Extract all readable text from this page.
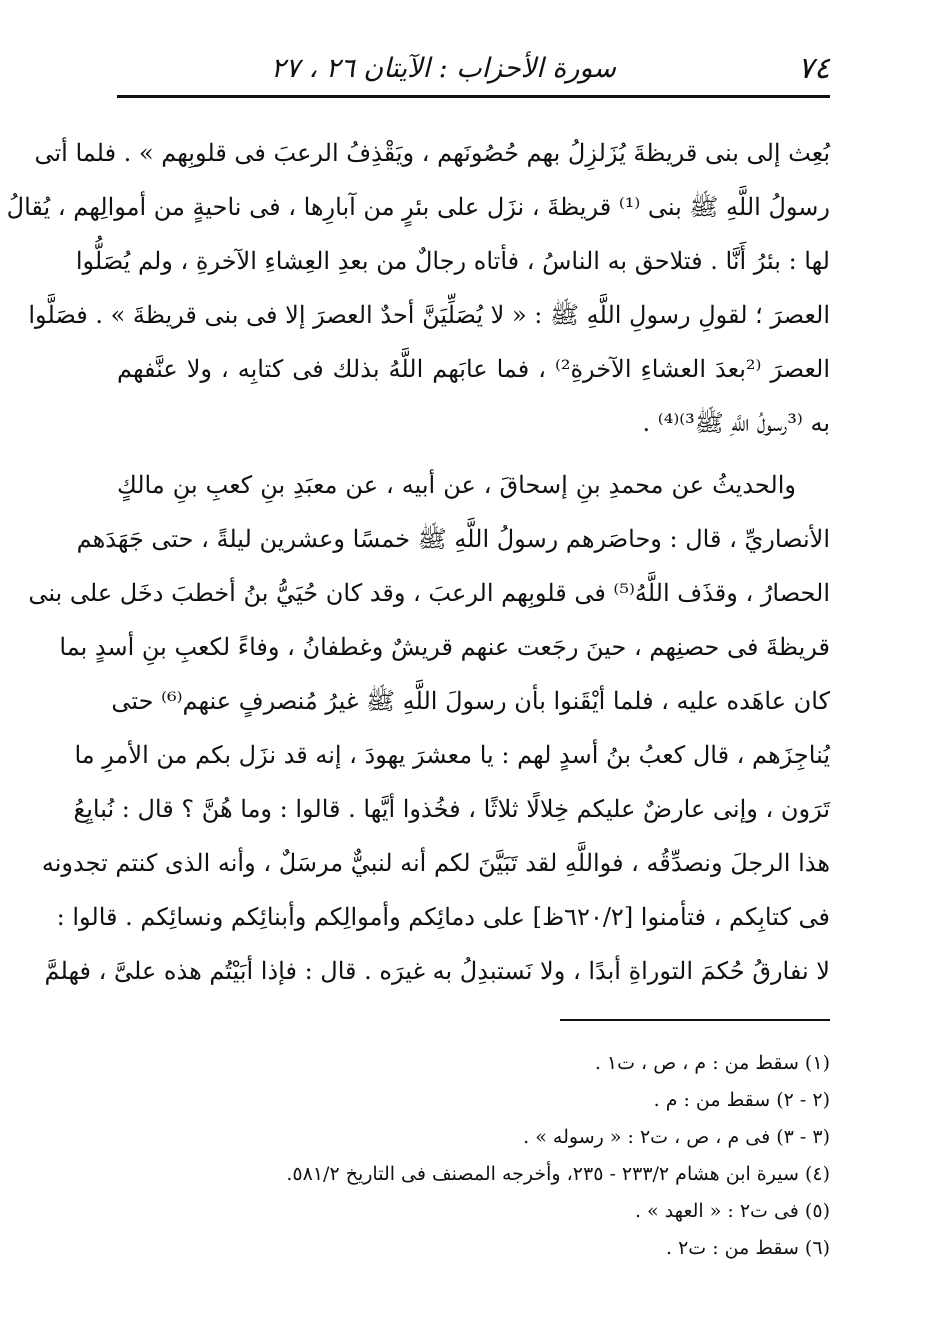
٧٤
سورة الأحزاب : الآيتان ٢٦ ، ٢٧
بُعِث إلى بنى قريظةَ يُزَلزِلُ بهم حُصُونَهم ، ويَقْذِفُ الرعبَ فى قلوبِهم » . فلما أتى
رسولُ اللَّهِ ﷺ بنى ⁽¹⁾ قريظةَ ، نزَل على بئرٍ من آبارِها ، فى ناحيةٍ من أموالِهم ، يُقالُ
لها : بئرُ أَنَّا . فتلاحق به الناسُ ، فأتاه رجالٌ من بعدِ العِشاءِ الآخرةِ ، ولم يُصَلُّوا
العصرَ ؛ لقولِ رسولِ اللَّهِ ﷺ : « لا يُصَلِّيَنَّ أحدٌ العصرَ إلا فى بنى قريظةَ » . فصَلَّوا
العصرَ ⁽²بعدَ العشاءِ الآخرةِ²⁾ ، فما عابَهم اللَّهُ بذلك فى كتابِه ، ولا عنَّفهم
به ⁽³رسولُ اللَّهِ ﷺ³⁾⁽⁴⁾ .
والحديثُ عن محمدِ بنِ إسحاقَ ، عن أبيه ، عن معبَدِ بنِ كعبِ بنِ مالكٍ
الأنصاريِّ ، قال : وحاصَرهم رسولُ اللَّهِ ﷺ خمسًا وعشرين ليلةً ، حتى جَهَدَهم
الحصارُ ، وقذَف اللَّهُ⁽⁵⁾ فى قلوبِهم الرعبَ ، وقد كان حُيَيُّ بنُ أخطبَ دخَل على بنى
قريظةَ فى حصنِهم ، حينَ رجَعت عنهم قريشٌ وغطفانُ ، وفاءً لكعبِ بنِ أسدٍ بما
كان عاهَده عليه ، فلما أيْقَنوا بأن رسولَ اللَّهِ ﷺ غيرُ مُنصرفٍ عنهم⁽⁶⁾ حتى
يُناجِزَهم ، قال كعبُ بنُ أسدٍ لهم : يا معشرَ يهودَ ، إنه قد نزَل بكم من الأمرِ ما
تَرَون ، وإنى عارضٌ عليكم خِلالًا ثلاثًا ، فخُذوا أيَّها . قالوا : وما هُنَّ ؟ قال : نُبايِعُ
هذا الرجلَ ونصدِّقُه ، فواللَّهِ لقد تَبَيَّنَ لكم أنه لنبيٌّ مرسَلٌ ، وأنه الذى كنتم تجدونه
فى كتابِكم ، فتأمنوا [٦٢٠/٢ظ] على دمائِكم وأموالِكم وأبنائِكم ونسائِكم . قالوا :
لا نفارقُ حُكمَ التوراةِ أبدًا ، ولا نَستبدِلُ به غيرَه . قال : فإذا أبَيْتُم هذه علىَّ ، فهلمَّ
(١) سقط من : م ، ص ، ت١ .
(٢ - ٢) سقط من : م .
(٣ - ٣) فى م ، ص ، ت٢ : « رسوله » .
(٤) سيرة ابن هشام ٢٣٣/٢ - ٢٣٥، وأخرجه المصنف فى التاريخ ٥٨١/٢.
(٥) فى ت٢ : « العهد » .
(٦) سقط من : ت٢ .
